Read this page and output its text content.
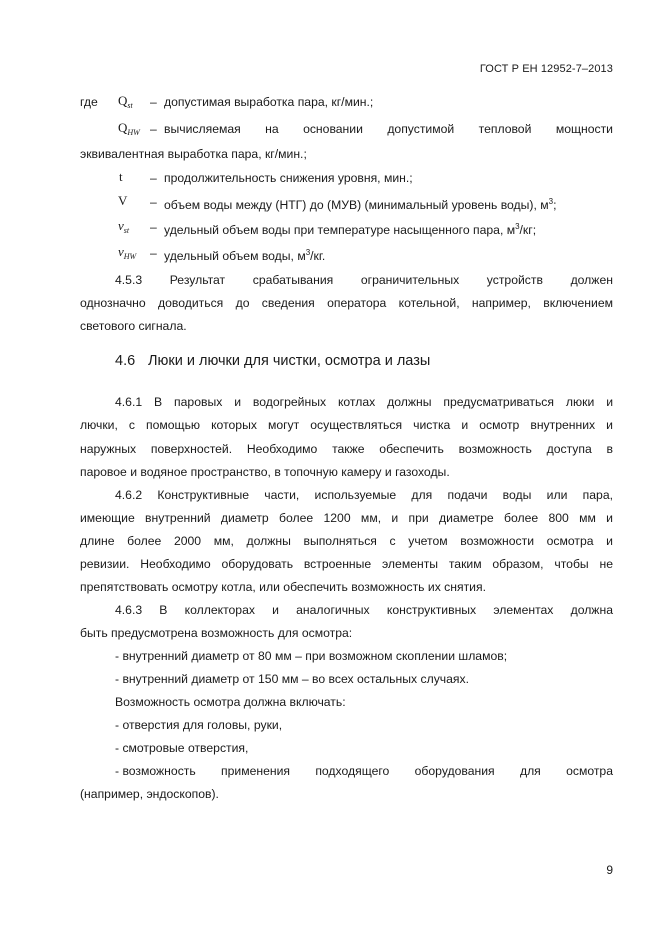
ГОСТ Р ЕН 12952-7–2013
где $Q_{st}$ – допустимая выработка пара, кг/мин.;
$Q_{HW}$ – вычисляемая на основании допустимой тепловой мощности
эквивалентная выработка пара, кг/мин.;
t – продолжительность снижения уровня, мин.;
V – объем воды между (НТГ) до (МУВ) (минимальный уровень воды), $м^3$;
$v_{st}$ – удельный объем воды при температуре насыщенного пара, $м^3/кг$;
$v_{HW}$ – удельный объем воды, $м^3/кг$.
4.5.3 Результат срабатывания ограничительных устройств должен
однозначно доводиться до сведения оператора котельной, например, включением
светового сигнала.
4.6 Люки и лючки для чистки, осмотра и лазы
4.6.1 В паровых и водогрейных котлах должны предусматриваться люки и
лючки, с помощью которых могут осуществляться чистка и осмотр внутренних и
наружных поверхностей. Необходимо также обеспечить возможность доступа в
паровое и водяное пространство, в топочную камеру и газоходы.
4.6.2 Конструктивные части, используемые для подачи воды или пара,
имеющие внутренний диаметр более 1200 мм, и при диаметре более 800 мм и
длине более 2000 мм, должны выполняться с учетом возможности осмотра и
ревизии. Необходимо оборудовать встроенные элементы таким образом, чтобы не
препятствовать осмотру котла, или обеспечить возможность их снятия.
4.6.3 В коллекторах и аналогичных конструктивных элементах должна
быть предусмотрена возможность для осмотра:
- внутренний диаметр от 80 мм – при возможном скоплении шламов;
- внутренний диаметр от 150 мм – во всех остальных случаях.
Возможность осмотра должна включать:
- отверстия для головы, руки,
- смотровые отверстия,
- возможность применения подходящего оборудования для осмотра
(например, эндоскопов).
9
